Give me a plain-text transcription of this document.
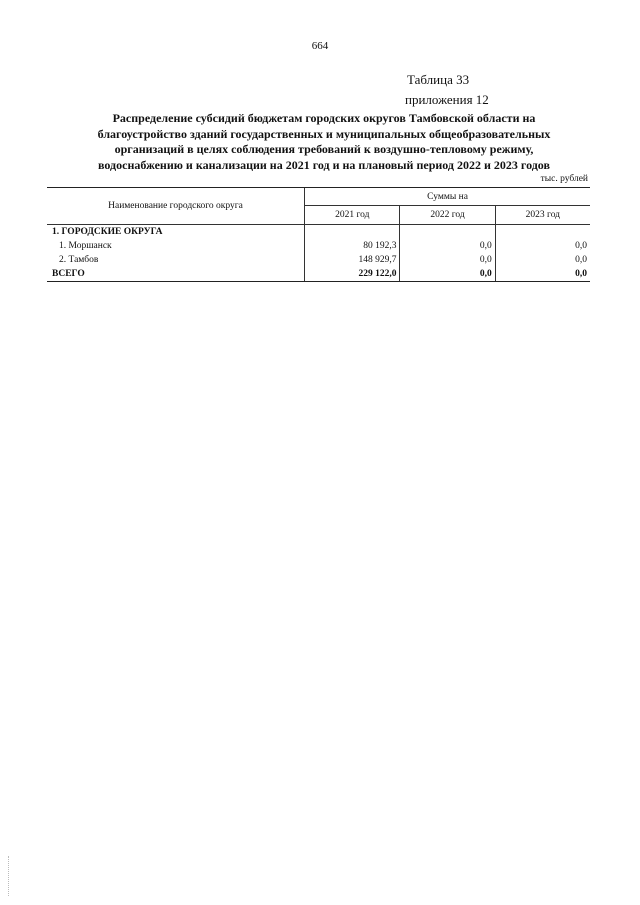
664
Таблица 33
приложения 12
Распределение субсидий бюджетам городских округов Тамбовской области на
благоустройство зданий государственных и муниципальных общеобразовательных
организаций в целях соблюдения требований к воздушно-тепловому режиму,
водоснабжению и канализации на 2021 год и на плановый период 2022 и 2023 годов
тыс. рублей
Наименование городского округа	Суммы на		
	2021 год	2022 год	2023 год
1. ГОРОДСКИЕ ОКРУГА			
1. Моршанск	80 192,3	0,0	0,0
2. Тамбов	148 929,7	0,0	0,0
ВСЕГО	229 122,0	0,0	0,0
